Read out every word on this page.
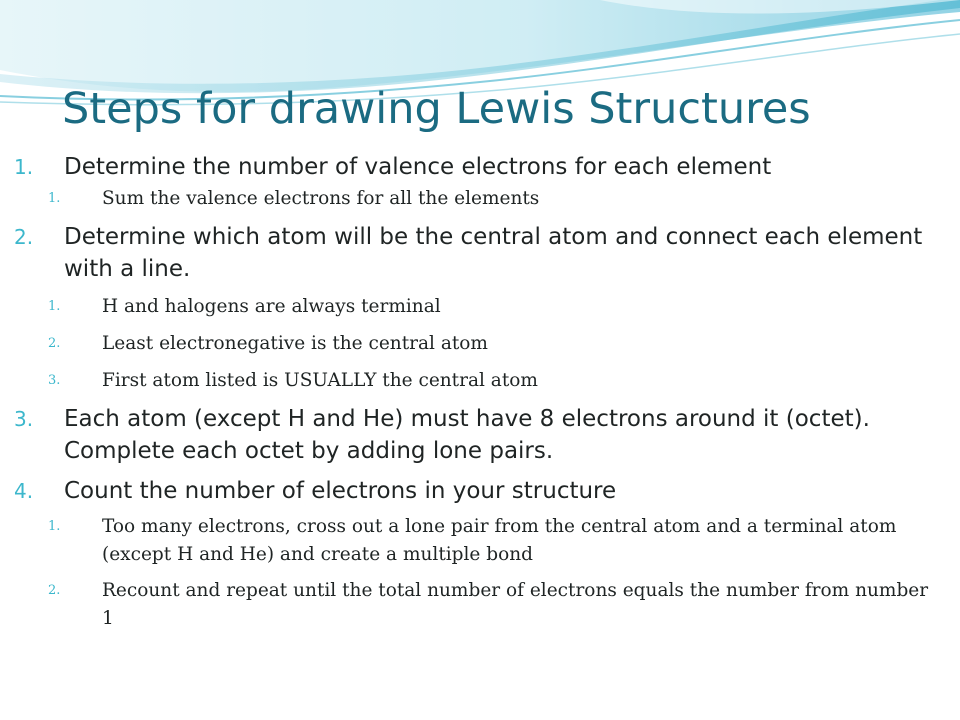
Steps for drawing Lewis Structures
1.	Determine the number of valence electrons for each element
1. Sum the valence electrons for all the elements
2.	Determine which atom will be the central atom and connect each element with a line.
1. H and halogens are always terminal
2. Least electronegative is the central atom
3. First atom listed is USUALLY the central atom
3.	Each atom (except H and He) must have 8 electrons around it (octet). Complete each octet by adding lone pairs.
4.	Count the number of electrons in your structure
1. Too many electrons, cross out a lone pair from the central atom and a terminal atom (except H and He) and create a multiple bond
2. Recount and repeat until the total number of electrons equals the number from number 1
